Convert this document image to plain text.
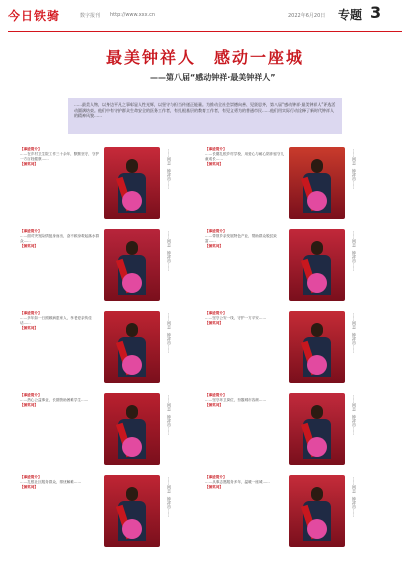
今日铁骑	数字报刊 http://www.xxx.cn	2022年6月20日 专题 3
最美钟祥人　感动一座城
——第八届“感动钟祥·最美钟祥人”
……最美人物，以身边平凡之事彰显人性光辉，以坚守与担当传递正能量。为推动全社会崇德向善、见贤思齐，第八届“感动钟祥·最美钟祥人”评选活动圆满结束。他们中有守护群众生命安全的医务工作者，有扎根基层的教育工作者，有见义勇为的普通市民……他们用实际行动诠释了新时代钟祥人的精神风貌……
【事迹简介】
……在乡村卫生院工作三十余年，默默坚守，守护一方百姓健康……
【颁奖词】	……同志　钟祥市……	【事迹简介】
……长期扎根乡村学校，用爱心与耐心陪伴留守儿童成长……
【颁奖词】	……同志　钟祥市……
【事迹简介】
……面对突发险情挺身而出，奋不顾身救起落水群众……
【颁奖词】	……同志　钟祥市……	【事迹简介】
……带领乡亲发展特色产业，帮助群众脱贫致富……
【颁奖词】	……同志　钟祥市……
【事迹简介】
……多年如一日照顾病患家人，孝老爱亲传佳话……
【颁奖词】	……同志　钟祥市……	【事迹简介】
……坚守公安一线，守护一方平安……
【颁奖词】	……同志　钟祥市……
【事迹简介】
……热心公益事业，长期资助困难学生……
【颁奖词】	……同志　钟祥市……	【事迹简介】
……坚守环卫岗位，扮靓城市容颜……
【颁奖词】	……同志　钟祥市……
【事迹简介】
……扎根社区服务群众，排忧解难……
【颁奖词】	……同志　钟祥市……	【事迹简介】
……从事志愿服务多年，温暖一座城……
【颁奖词】	……同志　钟祥市……
